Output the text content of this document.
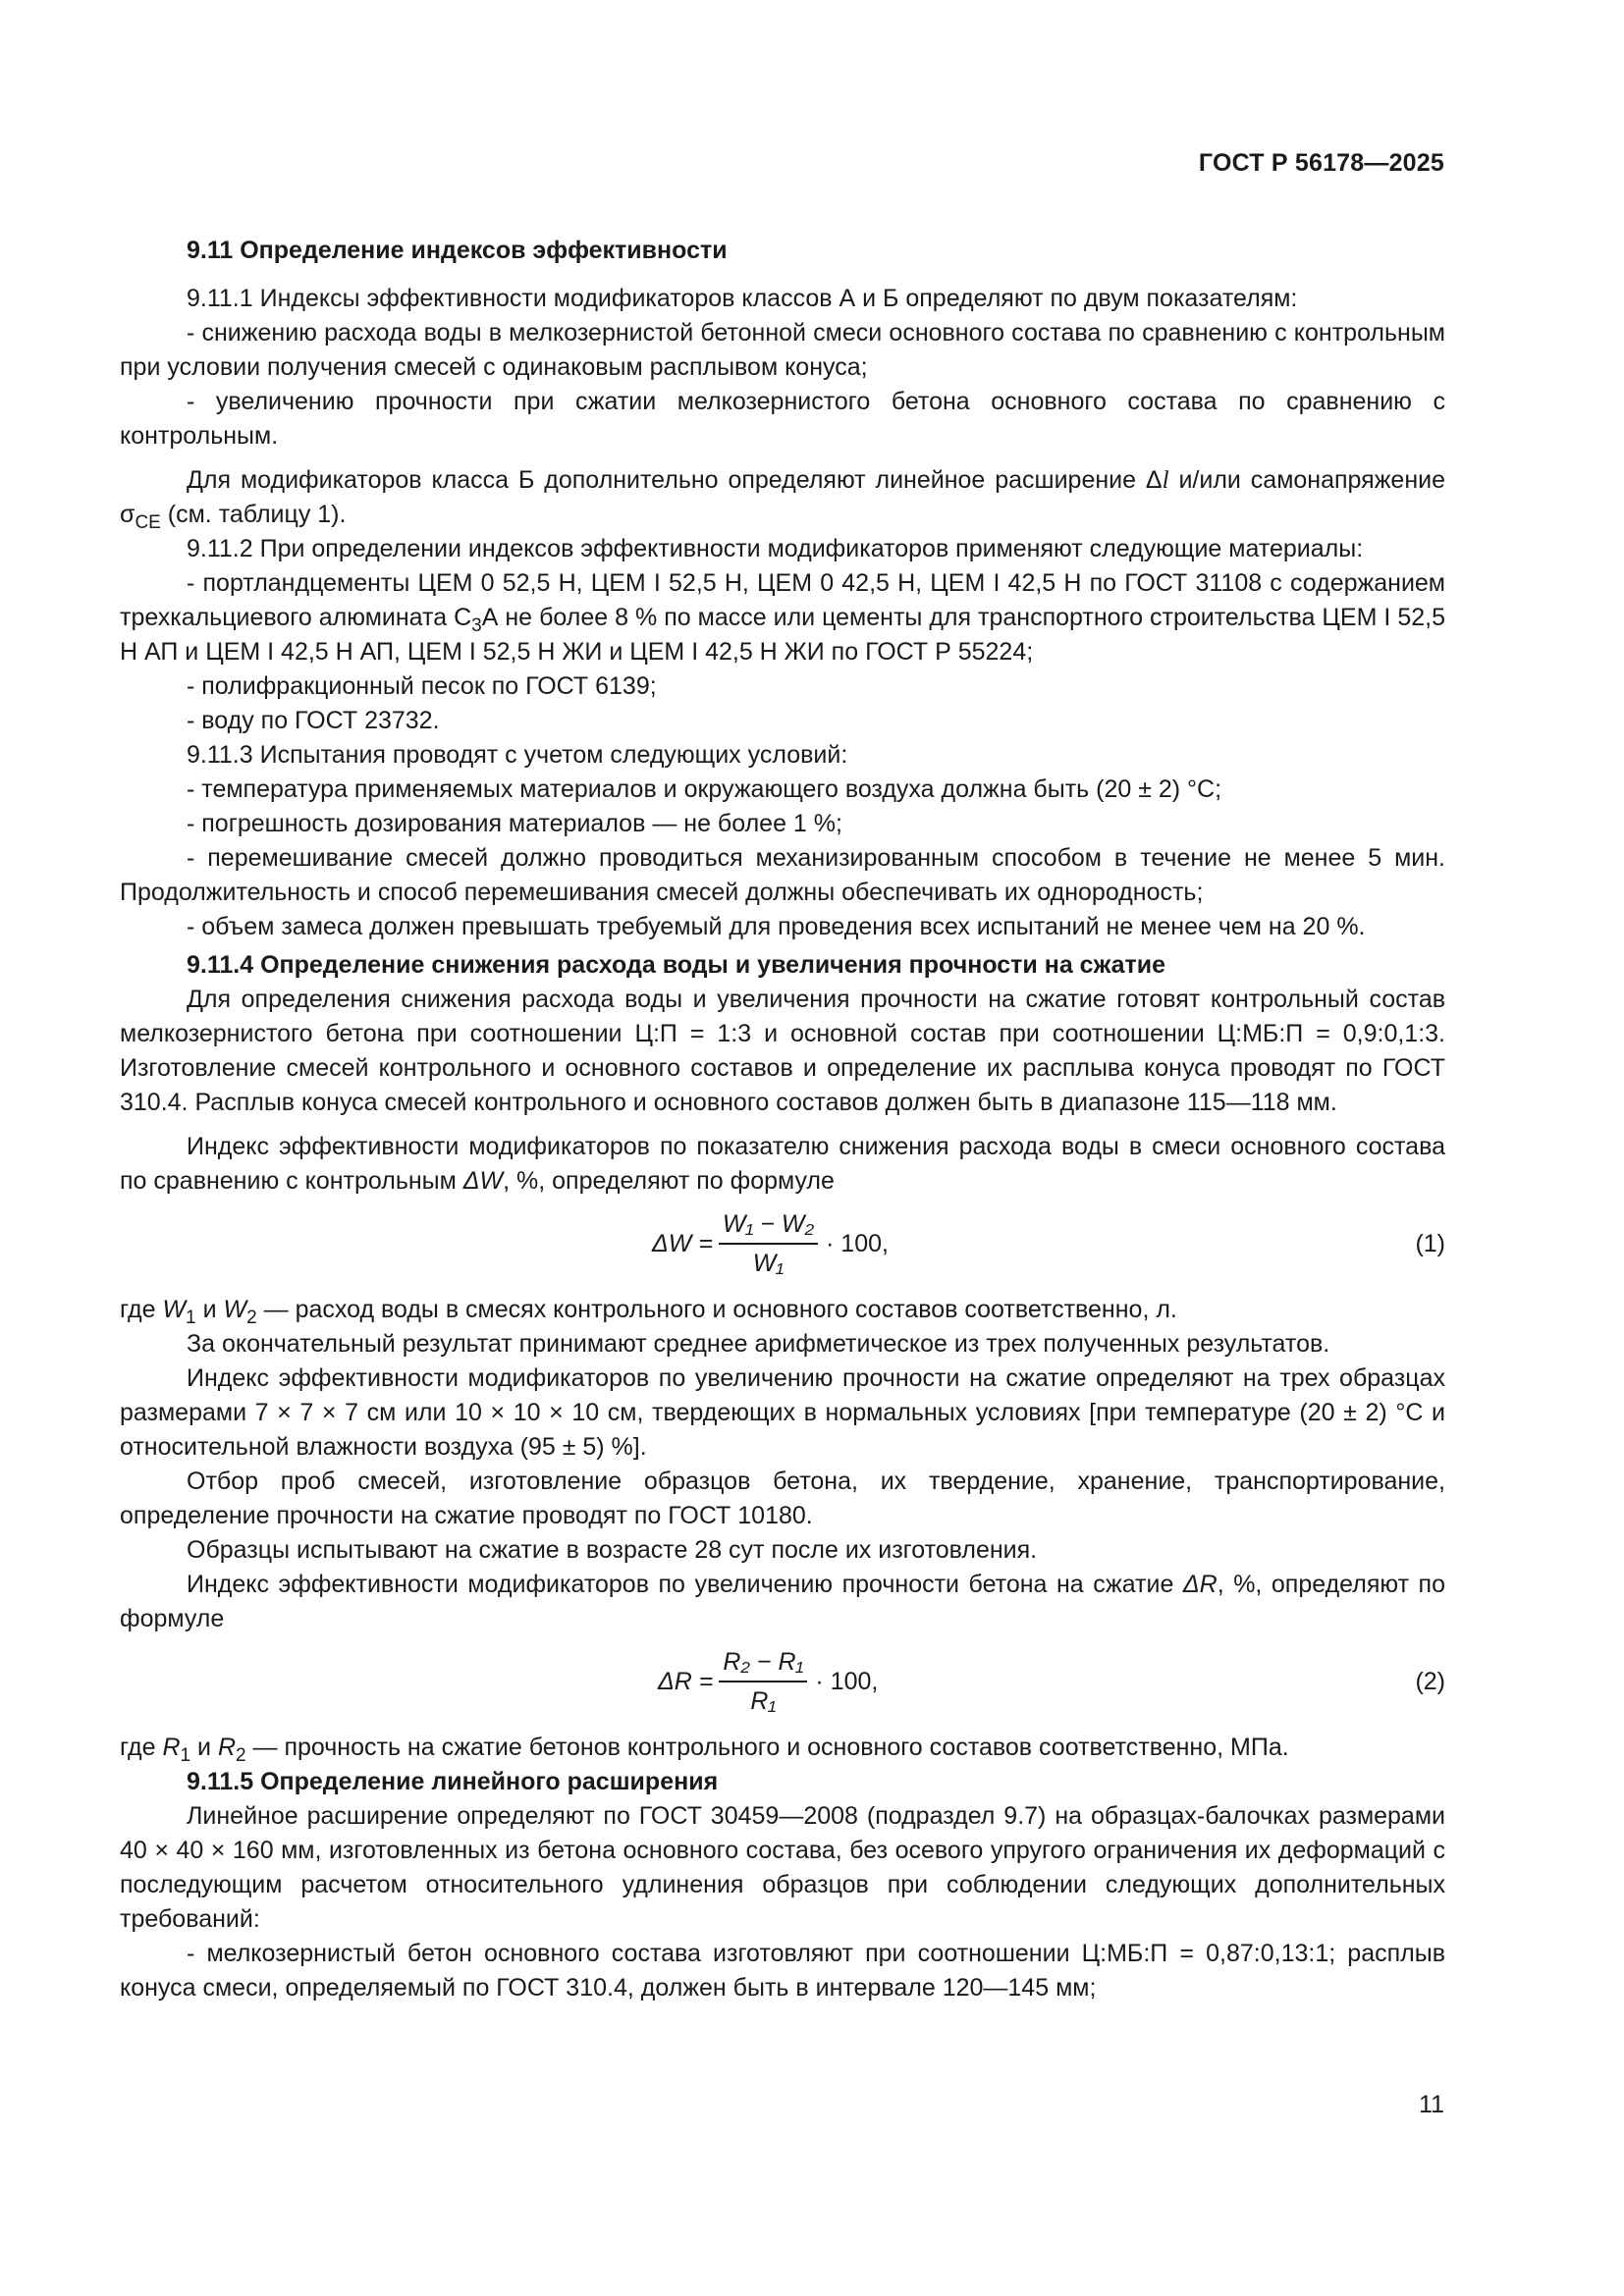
ГОСТ Р 56178—2025

9.11 Определение индексов эффективности

9.11.1 Индексы эффективности модификаторов классов А и Б определяют по двум показателям:

- снижению расхода воды в мелкозернистой бетонной смеси основного состава по сравнению с контрольным при условии получения смесей с одинаковым расплывом конуса;

- увеличению прочности при сжатии мелкозернистого бетона основного состава по сравнению с контрольным.

Для модификаторов класса Б дополнительно определяют линейное расширение Δl и/или самонапряжение $\sigma_{CE}$ (см. таблицу 1).

9.11.2 При определении индексов эффективности модификаторов применяют следующие материалы:

- портландцементы ЦЕМ 0 52,5 Н, ЦЕМ I 52,5 Н, ЦЕМ 0 42,5 Н, ЦЕМ I 42,5 Н по ГОСТ 31108 с содержанием трехкальциевого алюмината $С_3А$ не более 8 % по массе или цементы для транспортного строительства ЦЕМ I 52,5 Н АП и ЦЕМ I 42,5 Н АП, ЦЕМ I 52,5 Н ЖИ и ЦЕМ I 42,5 Н ЖИ по ГОСТ Р 55224;

- полифракционный песок по ГОСТ 6139;

- воду по ГОСТ 23732.

9.11.3 Испытания проводят с учетом следующих условий:

- температура применяемых материалов и окружающего воздуха должна быть (20 ± 2) °С;

- погрешность дозирования материалов — не более 1 %;

- перемешивание смесей должно проводиться механизированным способом в течение не менее 5 мин. Продолжительность и способ перемешивания смесей должны обеспечивать их однородность;

- объем замеса должен превышать требуемый для проведения всех испытаний не менее чем на 20 %.

9.11.4 Определение снижения расхода воды и увеличения прочности на сжатие

Для определения снижения расхода воды и увеличения прочности на сжатие готовят контрольный состав мелкозернистого бетона при соотношении Ц:П = 1:3 и основной состав при соотношении Ц:МБ:П = 0,9:0,1:3. Изготовление смесей контрольного и основного составов и определение их расплыва конуса проводят по ГОСТ 310.4. Расплыв конуса смесей контрольного и основного составов должен быть в диапазоне 115—118 мм.

Индекс эффективности модификаторов по показателю снижения расхода воды в смеси основного состава по сравнению с контрольным ΔW, %, определяют по формуле

$\Delta W = \frac{\text{W₁ − W₂}}{\text{W₁}} \cdot 100$,	(1)

где $W_1$ и $W_2$ — расход воды в смесях контрольного и основного составов соответственно, л.

За окончательный результат принимают среднее арифметическое из трех полученных результатов.

Индекс эффективности модификаторов по увеличению прочности на сжатие определяют на трех образцах размерами 7 × 7 × 7 см или 10 × 10 × 10 см, твердеющих в нормальных условиях [при температуре (20 ± 2) °С и относительной влажности воздуха (95 ± 5) %].

Отбор проб смесей, изготовление образцов бетона, их твердение, хранение, транспортирование, определение прочности на сжатие проводят по ГОСТ 10180.

Образцы испытывают на сжатие в возрасте 28 сут после их изготовления.

Индекс эффективности модификаторов по увеличению прочности бетона на сжатие ΔR, %, определяют по формуле

$\Delta R = \frac{\text{R₂ − R₁}}{\text{R₁}} \cdot 100$,	(2)

где $R_1$ и $R_2$ — прочность на сжатие бетонов контрольного и основного составов соответственно, МПа.

9.11.5 Определение линейного расширения

Линейное расширение определяют по ГОСТ 30459—2008 (подраздел 9.7) на образцах-балочках размерами 40 × 40 × 160 мм, изготовленных из бетона основного состава, без осевого упругого ограничения их деформаций с последующим расчетом относительного удлинения образцов при соблюдении следующих дополнительных требований:

- мелкозернистый бетон основного состава изготовляют при соотношении Ц:МБ:П = 0,87:0,13:1; расплыв конуса смеси, определяемый по ГОСТ 310.4, должен быть в интервале 120—145 мм;

11
